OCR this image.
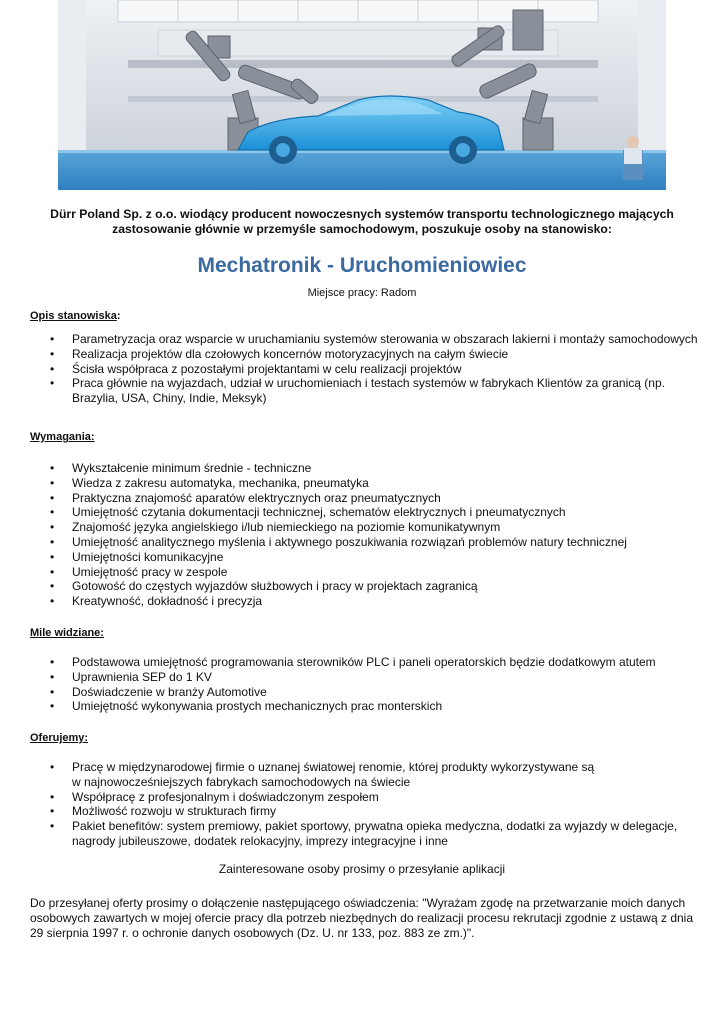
Dürr Poland Sp. z o.o. wiodący producent nowoczesnych systemów transportu technologicznego mających zastosowanie głównie w przemyśle samochodowym, poszukuje osoby na stanowisko:
Mechatronik - Uruchomieniowiec
Miejsce pracy: Radom
Opis stanowiska:
• Parametryzacja oraz wsparcie w uruchamianiu systemów sterowania w obszarach lakierni i montaży samochodowych
• Realizacja projektów dla czołowych koncernów motoryzacyjnych na całym świecie
• Ścisła współpraca z pozostałymi projektantami w celu realizacji projektów
• Praca głównie na wyjazdach, udział w uruchomieniach i testach systemów w fabrykach Klientów za granicą (np. Brazylia, USA, Chiny, Indie, Meksyk)
Wymagania:
• Wykształcenie minimum średnie - techniczne
• Wiedza z zakresu automatyka, mechanika, pneumatyka
• Praktyczna znajomość aparatów elektrycznych oraz pneumatycznych
• Umiejętność czytania dokumentacji technicznej, schematów elektrycznych i pneumatycznych
• Znajomość języka angielskiego i/lub niemieckiego na poziomie komunikatywnym
• Umiejętność analitycznego myślenia i aktywnego poszukiwania rozwiązań problemów natury technicznej
• Umiejętności komunikacyjne
• Umiejętność pracy w zespole
• Gotowość do częstych wyjazdów służbowych i pracy w projektach zagranicą
• Kreatywność, dokładność i precyzja
Mile widziane:
• Podstawowa umiejętność programowania sterowników PLC i paneli operatorskich będzie dodatkowym atutem
• Uprawnienia SEP do 1 KV
• Doświadczenie w branży Automotive
• Umiejętność wykonywania prostych mechanicznych prac monterskich
Oferujemy:
• Pracę w międzynarodowej firmie o uznanej światowej renomie, której produkty wykorzystywane są w najnowocześniejszych fabrykach samochodowych na świecie
• Współpracę z profesjonalnym i doświadczonym zespołem
• Możliwość rozwoju w strukturach firmy
• Pakiet benefitów: system premiowy, pakiet sportowy, prywatna opieka medyczna, dodatki za wyjazdy w delegacje, nagrody jubileuszowe, dodatek relokacyjny, imprezy integracyjne i inne
Zainteresowane osoby prosimy o przesyłanie aplikacji
Do przesyłanej oferty prosimy o dołączenie następującego oświadczenia: "Wyrażam zgodę na przetwarzanie moich danych osobowych zawartych w mojej ofercie pracy dla potrzeb niezbędnych do realizacji procesu rekrutacji zgodnie z ustawą z dnia 29 sierpnia 1997 r. o ochronie danych osobowych (Dz. U. nr 133, poz. 883 ze zm.)".
